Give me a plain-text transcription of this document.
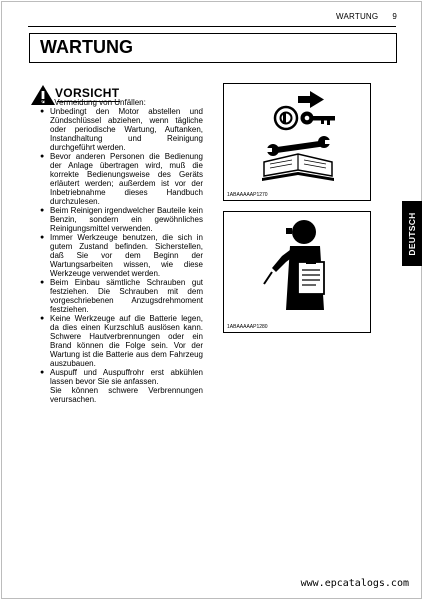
WARTUNG 9
WARTUNG
VORSICHT
Zur Vermeidung von Unfällen:
● Unbedingt den Motor abstellen und Zündschlüssel abziehen, wenn tägliche oder periodische Wartung, Auftanken, Instandhaltung und Reinigung durchgeführt werden.
● Bevor anderen Personen die Bedienung der Anlage übertragen wird, muß die korrekte Bedienungsweise des Geräts erläutert werden; außerdem ist vor der Inbetriebnahme dieses Handbuch durchzulesen.
● Beim Reinigen irgendwelcher Bauteile kein Benzin, sondern ein gewöhnliches Reinigungsmittel verwenden.
● Immer Werkzeuge benutzen, die sich in gutem Zustand befinden. Sicherstellen, daß Sie vor dem Beginn der Wartungsarbeiten wissen, wie diese Werkzeuge verwendet werden.
● Beim Einbau sämtliche Schrauben gut festziehen. Die Schrauben mit dem vorgeschriebenen Anzugsdrehmoment festziehen.
● Keine Werkzeuge auf die Batterie legen, da dies einen Kurzschluß auslösen kann. Schwere Hautverbrennungen oder ein Brand können die Folge sein. Vor der Wartung ist die Batterie aus dem Fahrzeug auszubauen.
● Auspuff und Auspuffrohr erst abkühlen lassen bevor Sie sie anfassen.
Sie können schwere Verbrennungen verursachen.
1ABAAAAAP1270
1ABAAAAAP1280
DEUTSCH
www.epcatalogs.com
